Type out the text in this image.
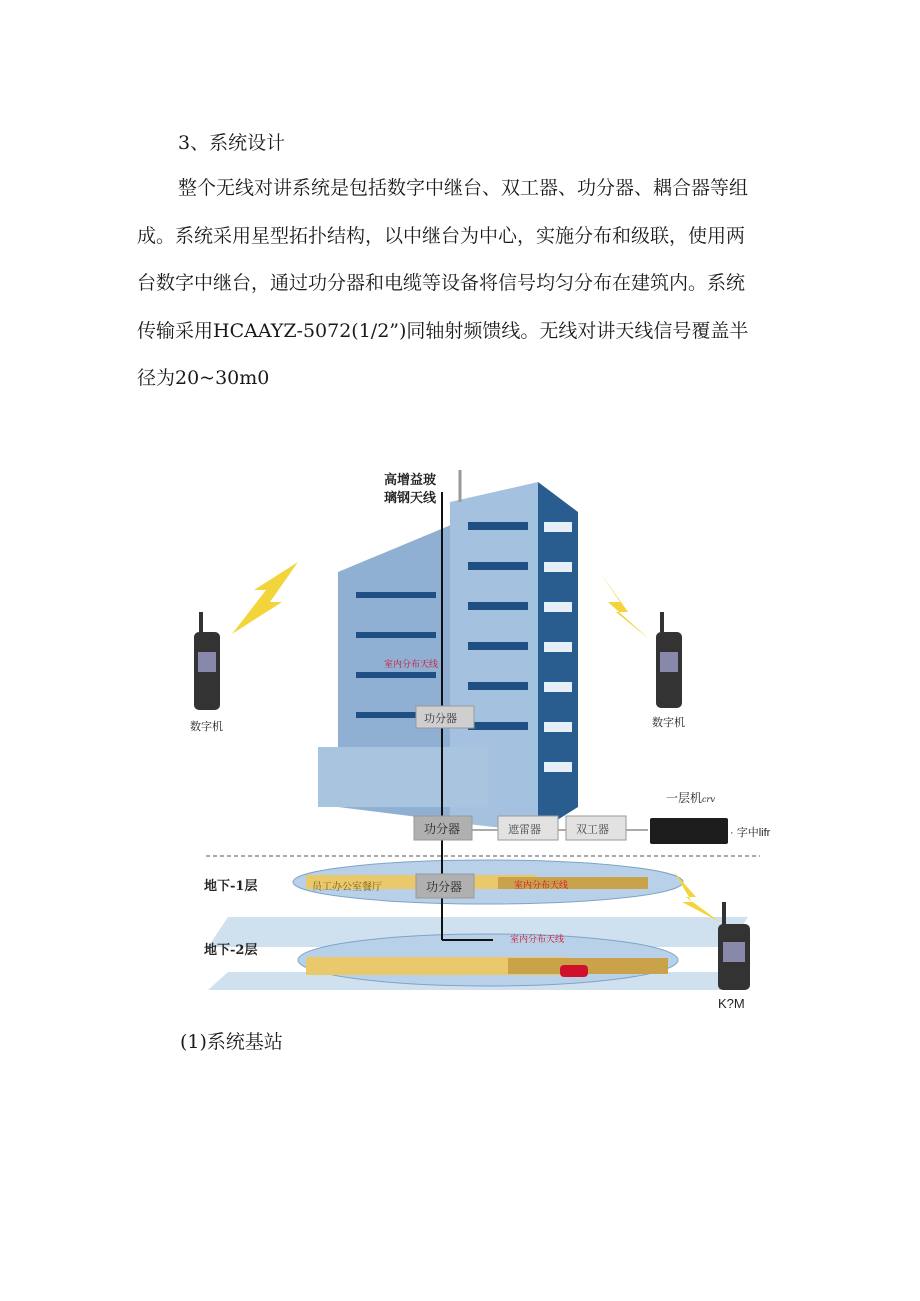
3、系统设计
整个无线对讲系统是包括数字中继台、双工器、功分器、耦合器等组
成。系统采用星型拓扑结构，以中继台为中心，实施分布和级联，使用两
台数字中继台，通过功分器和电缆等设备将信号均匀分布在建筑内。系统
传输采用HCAAYZ-5072(1/2”)同轴射频馈线。无线对讲天线信号覆盖半
径为20~30m0
高增益玻
璃钢天线
室内分布天线
功分器
功分器
功分器
遮雷器	双工器
数字机	数字机
一层机crv
· 字中lifr
地下-1层
地下-2层
员工办公室餐厅	室内分布天线
室内分布天线
K?M
(1)系统基站
